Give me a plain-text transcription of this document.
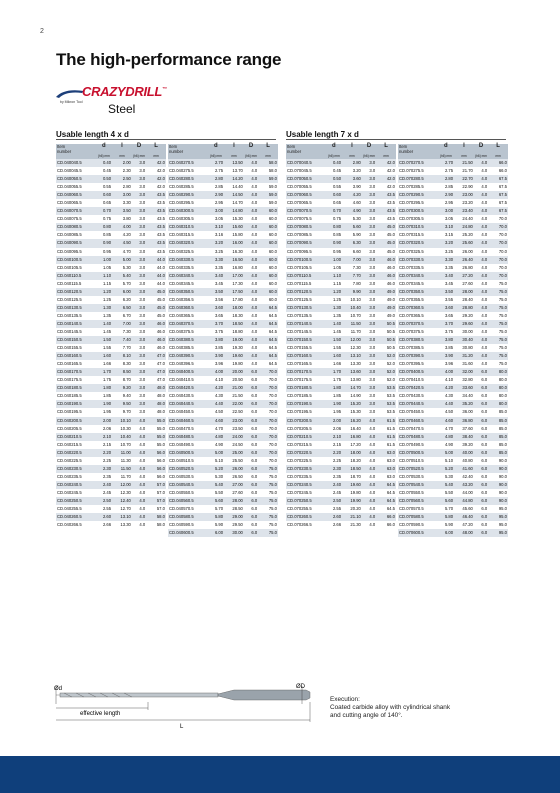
2
The high-performance range
CRAZYDRILL™
by Mikron Tool Steel
Usable length 4 x d	Usable length 7 x d
Item
number	d	l	D	L
	(h6) mm	mm	(h6) mm	mm
CD.040040.5	0.40	2.00	3.0	42.0
CD.040045.5	0.45	2.30	3.0	42.0
CD.040050.5	0.50	2.50	3.0	42.0
CD.040055.5	0.55	2.80	3.0	42.0
CD.040060.5	0.60	3.00	3.0	43.5
CD.040065.5	0.65	3.30	3.0	43.5
CD.040070.5	0.70	3.50	3.0	43.5
CD.040075.5	0.75	3.80	3.0	43.5
CD.040080.5	0.80	4.00	3.0	43.5
CD.040085.5	0.85	4.20	3.0	43.5
CD.040090.5	0.90	4.50	3.0	43.5
CD.040095.5	0.95	4.70	3.0	43.5
CD.040100.5	1.00	5.00	3.0	44.0
CD.040105.5	1.05	5.30	3.0	44.0
CD.040110.5	1.10	5.40	3.0	44.0
CD.040115.5	1.15	5.70	3.0	44.0
CD.040120.5	1.20	6.00	3.0	45.0
CD.040125.5	1.25	6.20	3.0	45.0
CD.040130.5	1.30	6.50	3.0	45.0
CD.040135.5	1.35	6.70	3.0	45.0
CD.040140.5	1.40	7.00	3.0	46.0
CD.040145.5	1.45	7.30	3.0	46.0
CD.040150.5	1.50	7.40	3.0	46.0
CD.040155.5	1.55	7.70	3.0	46.0
CD.040160.5	1.60	8.10	3.0	47.0
CD.040165.5	1.66	8.30	3.0	47.0
CD.040170.5	1.70	8.50	3.0	47.0
CD.040175.5	1.75	8.70	3.0	47.0
CD.040180.5	1.80	9.20	3.0	48.0
CD.040185.5	1.85	9.40	3.0	48.0
CD.040190.5	1.90	9.50	3.0	48.0
CD.040195.5	1.95	9.70	3.0	48.0
CD.040200.5	2.00	10.10	4.0	55.0
CD.040205.5	2.06	10.30	4.0	55.0
CD.040210.5	2.10	10.40	4.0	55.0
CD.040215.5	2.15	10.70	4.0	55.0
CD.040220.5	2.20	11.00	4.0	56.0
CD.040225.5	2.25	11.30	4.0	56.0
CD.040230.5	2.30	11.50	4.0	56.0
CD.040235.5	2.35	11.70	4.0	56.0
CD.040240.5	2.40	12.00	4.0	57.0
CD.040245.5	2.45	12.30	4.0	57.0
CD.040250.5	2.50	12.40	4.0	57.0
CD.040255.5	2.55	12.70	4.0	57.0
CD.040260.5	2.60	13.10	4.0	58.0
CD.040266.5	2.66	13.30	4.0	58.0
Item
number	d	l	D	L
	(h6) mm	mm	(h6) mm	mm
CD.040270.5	2.70	13.50	4.0	58.0
CD.040275.5	2.75	13.70	4.0	58.0
CD.040280.5	2.80	14.20	4.0	59.0
CD.040285.5	2.85	14.40	4.0	59.0
CD.040290.5	2.90	14.50	4.0	59.0
CD.040295.5	2.95	14.70	4.0	59.0
CD.040300.5	3.00	14.80	4.0	60.0
CD.040305.5	3.05	15.30	4.0	60.0
CD.040310.5	3.10	15.60	4.0	60.0
CD.040315.5	3.16	15.80	4.0	60.0
CD.040320.5	3.20	16.00	4.0	60.0
CD.040325.5	3.25	16.30	4.0	60.0
CD.040330.5	3.30	16.50	4.0	60.0
CD.040335.5	3.35	16.80	4.0	60.0
CD.040340.5	3.40	17.00	4.0	60.0
CD.040345.5	3.45	17.30	4.0	60.0
CD.040350.5	3.50	17.50	4.0	60.0
CD.040356.5	3.56	17.80	4.0	60.0
CD.040360.5	3.60	18.00	4.0	64.5
CD.040365.5	3.65	18.30	4.0	64.5
CD.040370.5	3.70	18.50	4.0	64.5
CD.040375.5	3.75	18.80	4.0	64.5
CD.040380.5	3.80	19.00	4.0	64.5
CD.040385.5	3.85	19.30	4.0	64.5
CD.040390.5	3.90	19.60	4.0	64.5
CD.040396.5	3.96	19.80	4.0	64.5
CD.040400.5	4.00	20.00	6.0	70.0
CD.040410.5	4.10	20.50	6.0	70.0
CD.040420.5	4.20	21.00	6.0	70.0
CD.040430.5	4.30	21.50	6.0	70.0
CD.040440.5	4.40	22.00	6.0	70.0
CD.040450.5	4.50	22.50	6.0	70.0
CD.040460.5	4.60	23.00	6.0	70.0
CD.040470.5	4.70	23.50	6.0	70.0
CD.040480.5	4.80	24.00	6.0	70.0
CD.040490.5	4.90	24.50	6.0	70.0
CD.040500.5	5.00	25.00	6.0	70.0
CD.040510.5	5.10	25.50	6.0	70.0
CD.040520.5	5.20	26.00	6.0	75.0
CD.040530.5	5.30	26.50	6.0	75.0
CD.040540.5	5.40	27.00	6.0	75.0
CD.040550.5	5.50	27.60	6.0	75.0
CD.040560.5	5.60	28.00	6.0	75.0
CD.040570.5	5.70	28.50	6.0	75.0
CD.040580.5	5.80	29.00	6.0	75.0
CD.040590.5	5.90	29.50	6.0	75.0
CD.040600.5	6.00	30.00	6.0	75.0
Item
number	d	l	D	L
	(h6) mm	mm	(h6) mm	mm
CD.070040.5	0.40	2.80	3.0	42.0
CD.070045.5	0.45	3.20	3.0	42.0
CD.070050.5	0.50	3.60	3.0	42.0
CD.070055.5	0.55	3.90	3.0	42.0
CD.070060.5	0.60	4.20	3.0	43.5
CD.070065.5	0.65	4.60	3.0	43.5
CD.070070.5	0.70	4.90	3.0	43.5
CD.070075.5	0.75	5.30	3.0	43.5
CD.070080.5	0.80	5.60	3.0	45.0
CD.070085.5	0.85	5.90	3.0	45.0
CD.070090.5	0.90	6.30	3.0	45.0
CD.070095.5	0.95	6.60	3.0	45.0
CD.070100.5	1.00	7.00	3.0	46.0
CD.070105.5	1.05	7.30	3.0	46.0
CD.070110.5	1.10	7.70	3.0	46.0
CD.070115.5	1.15	7.80	3.0	46.0
CD.070120.5	1.20	9.90	3.0	49.0
CD.070125.5	1.25	10.10	3.0	49.0
CD.070130.5	1.30	10.40	3.0	49.0
CD.070135.5	1.35	10.70	3.0	49.0
CD.070140.5	1.40	11.50	3.0	50.5
CD.070145.5	1.45	11.70	3.0	50.5
CD.070150.5	1.50	12.00	3.0	50.5
CD.070155.5	1.55	12.30	3.0	50.5
CD.070160.5	1.60	13.10	3.0	52.0
CD.070165.5	1.66	13.30	3.0	52.0
CD.070170.5	1.70	13.60	3.0	52.0
CD.070175.5	1.75	13.80	3.0	52.0
CD.070180.5	1.80	14.70	3.0	53.5
CD.070185.5	1.85	14.90	3.0	53.5
CD.070190.5	1.90	15.20	3.0	53.5
CD.070195.5	1.95	15.30	3.0	53.5
CD.070200.5	2.00	16.20	4.0	61.5
CD.070205.5	2.06	16.40	4.0	61.5
CD.070210.5	2.10	16.80	4.0	61.5
CD.070215.5	2.15	17.20	4.0	61.5
CD.070220.5	2.20	18.00	4.0	63.0
CD.070225.5	2.25	18.20	4.0	63.0
CD.070230.5	2.30	18.50	4.0	63.0
CD.070235.5	2.35	18.70	4.0	63.0
CD.070240.5	2.40	19.60	4.0	64.5
CD.070245.5	2.45	19.80	4.0	64.5
CD.070250.5	2.50	19.90	4.0	64.5
CD.070255.5	2.55	20.20	4.0	64.5
CD.070260.5	2.60	21.10	4.0	66.0
CD.070266.5	2.66	21.30	4.0	66.0
Item
number	d	l	D	L
	(h6) mm	mm	(h6) mm	mm
CD.070270.5	2.70	21.50	4.0	66.0
CD.070275.5	2.75	21.70	4.0	66.0
CD.070280.5	2.80	22.70	4.0	67.5
CD.070285.5	2.85	22.90	4.0	67.5
CD.070290.5	2.90	23.00	4.0	67.5
CD.070295.5	2.95	23.20	4.0	67.5
CD.070300.5	3.00	23.40	4.0	67.5
CD.070305.5	3.05	24.40	4.0	70.0
CD.070310.5	3.10	24.80	4.0	70.0
CD.070315.5	3.15	25.20	4.0	70.0
CD.070320.5	3.20	25.60	4.0	70.0
CD.070325.5	3.25	26.00	4.0	70.0
CD.070330.5	3.30	26.40	4.0	70.0
CD.070335.5	3.35	26.80	4.0	70.0
CD.070340.5	3.40	27.20	4.0	70.0
CD.070345.5	3.45	27.60	4.0	75.0
CD.070350.5	3.50	28.00	4.0	75.0
CD.070355.5	3.55	28.40	4.0	75.0
CD.070360.5	3.60	28.80	4.0	75.0
CD.070365.5	3.65	29.20	4.0	75.0
CD.070370.5	3.70	29.60	4.0	75.0
CD.070375.5	3.75	30.00	4.0	75.0
CD.070380.5	3.80	30.40	4.0	75.0
CD.070385.5	3.85	30.80	4.0	75.0
CD.070390.5	3.90	31.20	4.0	75.0
CD.070395.5	3.96	31.60	4.0	75.0
CD.070400.5	4.00	32.00	6.0	80.0
CD.070410.5	4.10	32.80	6.0	80.0
CD.070420.5	4.20	33.60	6.0	80.0
CD.070430.5	4.30	34.40	6.0	80.0
CD.070440.5	4.40	35.20	6.0	80.0
CD.070450.5	4.50	36.00	6.0	85.0
CD.070460.5	4.60	36.80	6.0	85.0
CD.070470.5	4.70	37.60	6.0	85.0
CD.070480.5	4.80	38.40	6.0	85.0
CD.070490.5	4.90	39.20	6.0	85.0
CD.070500.5	5.00	40.00	6.0	85.0
CD.070510.5	5.10	40.80	6.0	90.0
CD.070520.5	5.20	41.60	6.0	90.0
CD.070530.5	5.30	42.40	6.0	90.0
CD.070540.5	5.40	43.20	6.0	90.0
CD.070550.5	5.50	44.00	6.0	90.0
CD.070560.5	5.60	44.80	6.0	90.0
CD.070570.5	5.70	45.60	6.0	95.0
CD.070580.5	5.80	46.40	6.0	95.0
CD.070590.5	5.90	47.20	6.0	95.0
CD.070600.5	6.00	48.00	6.0	95.0
Ød	ØD
effective length
L
Execution:
Coated carbide alloy with cylindrical shank
and cutting angle of 140°.
